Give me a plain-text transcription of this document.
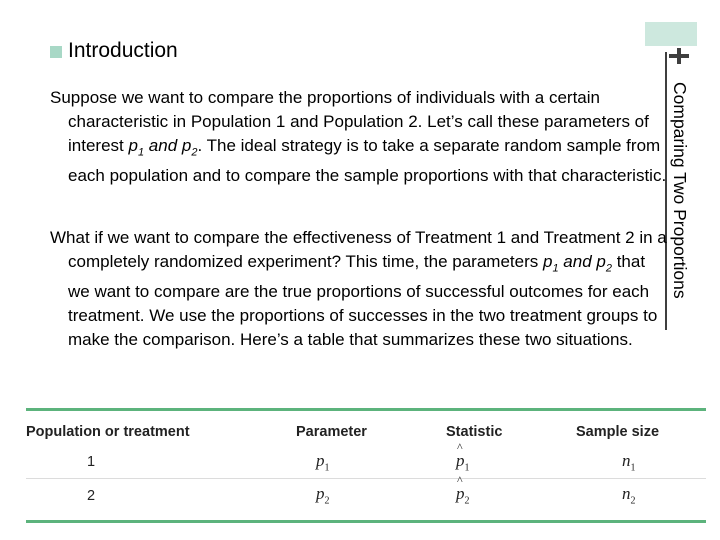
Comparing Two Proportions
Introduction
Suppose we want to compare the proportions of individuals with a certain characteristic in Population 1 and Population 2. Let’s call these parameters of interest $p_1$ and $p_2$. The ideal strategy is to take a separate random sample from each population and to compare the sample proportions with that characteristic.
What if we want to compare the effectiveness of Treatment 1 and Treatment 2 in a completely randomized experiment? This time, the parameters $p_1$ and $p_2$ that we want to compare are the true proportions of successful outcomes for each treatment. We use the proportions of successes in the two treatment groups to make the comparison. Here’s a table that summarizes these two situations.
Population or treatment	Parameter	Statistic	Sample size
1	$p_1$	^ $p_1$	$n_1$
2	$p_2$	^ $p_2$	$n_2$
